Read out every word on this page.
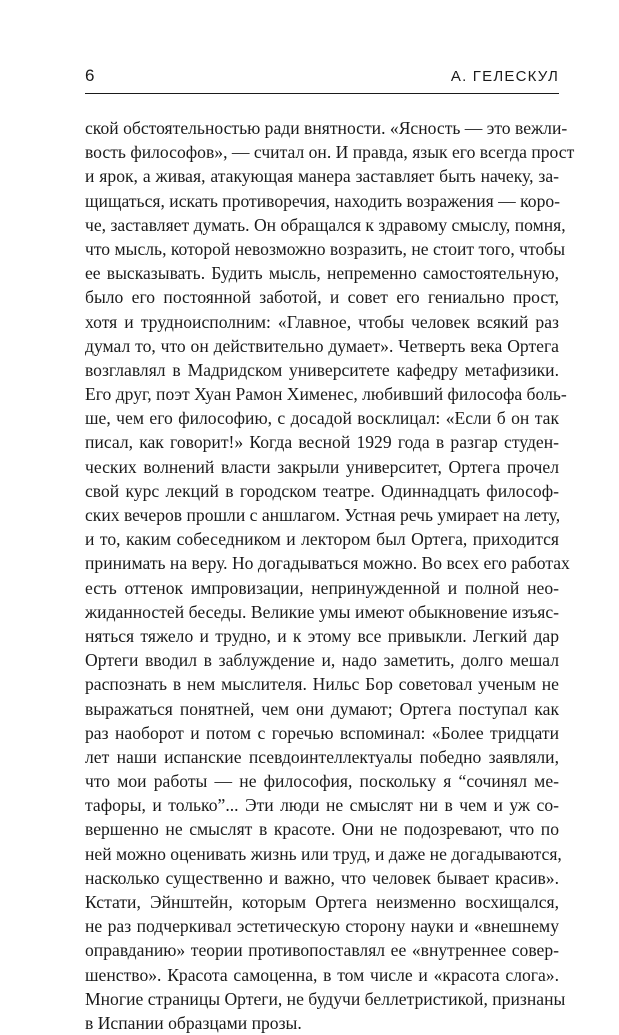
6	А. ГЕЛЕСКУЛ
ской обстоятельностью ради внятности. «Ясность — это вежли-
вость философов», — считал он. И правда, язык его всегда прост
и ярок, а живая, атакующая манера заставляет быть начеку, за-
щищаться, искать противоречия, находить возражения — коро-
че, заставляет думать. Он обращался к здравому смыслу, помня,
что мысль, которой невозможно возразить, не стоит того, чтобы
ее высказывать. Будить мысль, непременно самостоятельную,
было его постоянной заботой, и совет его гениально прост,
хотя и трудноисполним: «Главное, чтобы человек всякий раз
думал то, что он действительно думает». Четверть века Ортега
возглавлял в Мадридском университете кафедру метафизики.
Его друг, поэт Хуан Рамон Хименес, любивший философа боль-
ше, чем его философию, с досадой восклицал: «Если б он так
писал, как говорит!» Когда весной 1929 года в разгар студен-
ческих волнений власти закрыли университет, Ортега прочел
свой курс лекций в городском театре. Одиннадцать философ-
ских вечеров прошли с аншлагом. Устная речь умирает на лету,
и то, каким собеседником и лектором был Ортега, приходится
принимать на веру. Но догадываться можно. Во всех его работах
есть оттенок импровизации, непринужденной и полной нео-
жиданностей беседы. Великие умы имеют обыкновение изъяс-
няться тяжело и трудно, и к этому все привыкли. Легкий дар
Ортеги вводил в заблуждение и, надо заметить, долго мешал
распознать в нем мыслителя. Нильс Бор советовал ученым не
выражаться понятней, чем они думают; Ортега поступал как
раз наоборот и потом с горечью вспоминал: «Более тридцати
лет наши испанские псевдоинтеллектуалы победно заявляли,
что мои работы — не философия, поскольку я “сочинял ме-
тафоры, и только”... Эти люди не смыслят ни в чем и уж со-
вершенно не смыслят в красоте. Они не подозревают, что по
ней можно оценивать жизнь или труд, и даже не догадываются,
насколько существенно и важно, что человек бывает красив».
Кстати, Эйнштейн, которым Ортега неизменно восхищался,
не раз подчеркивал эстетическую сторону науки и «внешнему
оправданию» теории противопоставлял ее «внутреннее совер-
шенство». Красота самоценна, в том числе и «красота слога».
Многие страницы Ортеги, не будучи беллетристикой, признаны
в Испании образцами прозы.
